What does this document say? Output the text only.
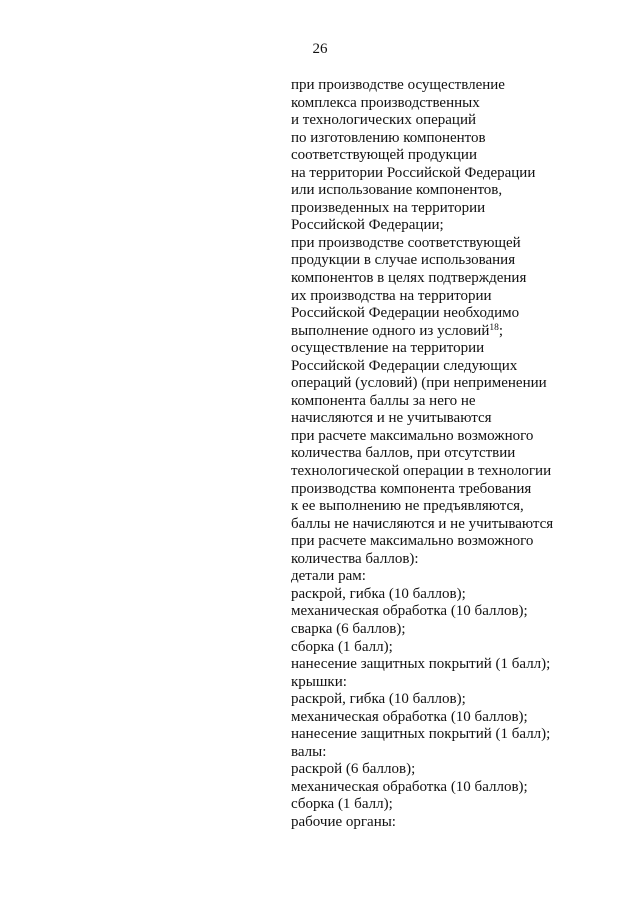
26
при производстве осуществление
комплекса производственных
и технологических операций
по изготовлению компонентов
соответствующей продукции
на территории Российской Федерации
или использование компонентов,
произведенных на территории
Российской Федерации;
при производстве соответствующей
продукции в случае использования
компонентов в целях подтверждения
их производства на территории
Российской Федерации необходимо
выполнение одного из условий$^{18}$;
осуществление на территории
Российской Федерации следующих
операций (условий) (при неприменении
компонента баллы за него не
начисляются и не учитываются
при расчете максимально возможного
количества баллов, при отсутствии
технологической операции в технологии
производства компонента требования
к ее выполнению не предъявляются,
баллы не начисляются и не учитываются
при расчете максимально возможного
количества баллов):
детали рам:
раскрой, гибка (10 баллов);
механическая обработка (10 баллов);
сварка (6 баллов);
сборка (1 балл);
нанесение защитных покрытий (1 балл);
крышки:
раскрой, гибка (10 баллов);
механическая обработка (10 баллов);
нанесение защитных покрытий (1 балл);
валы:
раскрой (6 баллов);
механическая обработка (10 баллов);
сборка (1 балл);
рабочие органы:
